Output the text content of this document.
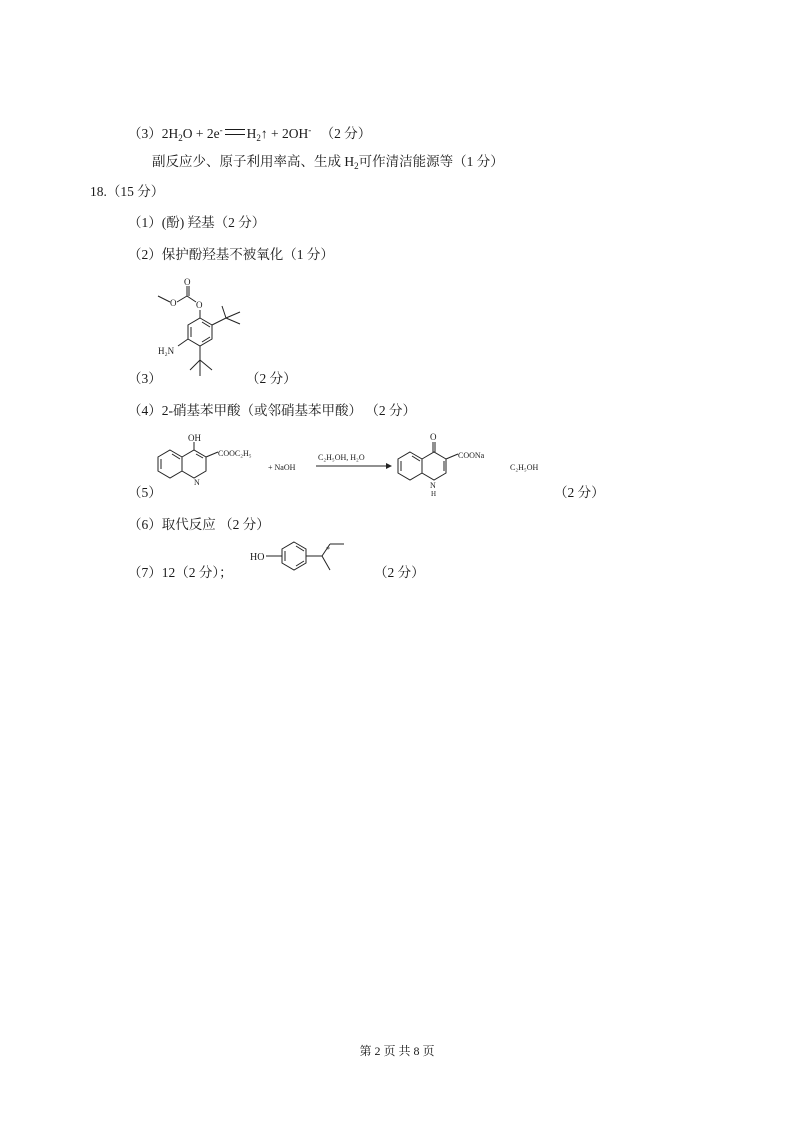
$(3)2H_2O + 2e^-$ $H_2↑ + 2OH^-$ （2 分）
副反应少、原子利用率高、生成 $H_2$可作清洁能源等（1 分）
18.（15 分）
（1）(酚) 羟基（2 分）
（2）保护酚羟基不被氧化（1 分）
O
O
O
H₂N
（3）	（2 分）
（4）2-硝基苯甲酸（或邻硝基苯甲酸） （2 分）
OH
COOC₂H₅
N
+ NaOH
C₂H₅OH, H₂O
O
COONa
N
H
C₂H₅OH
（5）	（2 分）
（6）取代反应 （2 分）
（7）12（2 分）；
HO
*
（2 分）
第 2 页 共 8 页
